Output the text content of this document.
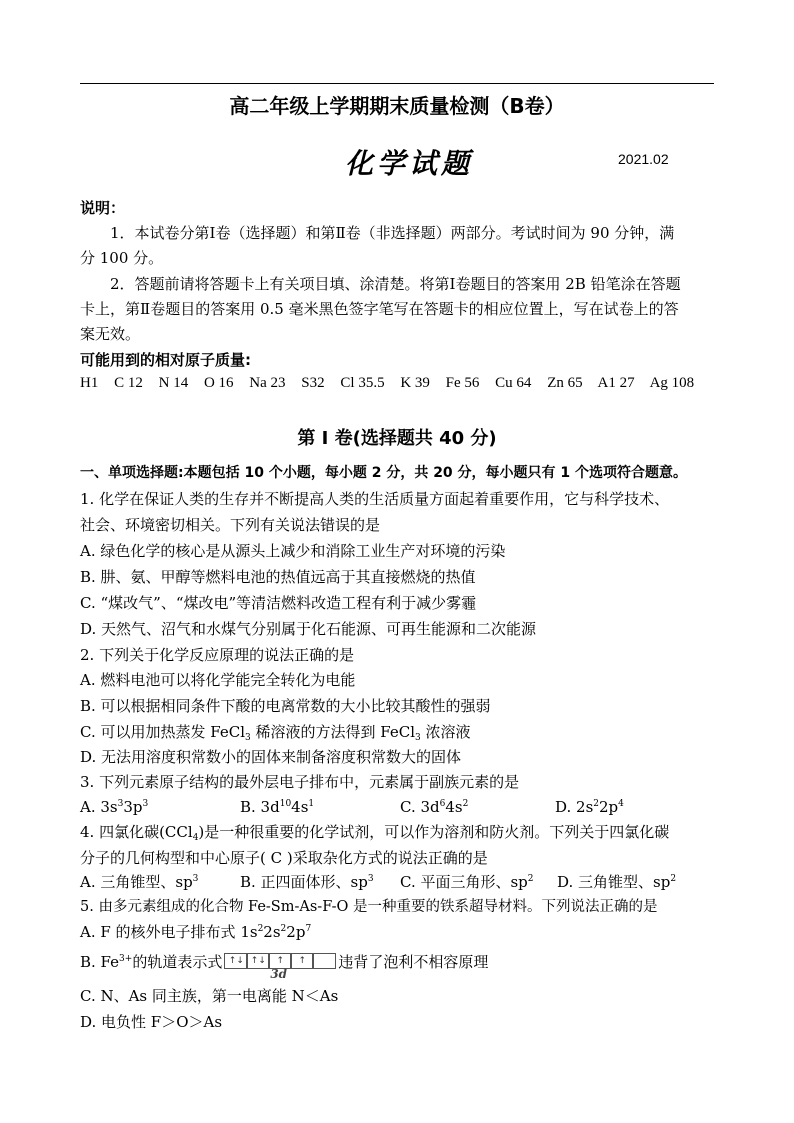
高二年级上学期期末质量检测（B卷）
化学试题	2021.02
说明：
1．本试卷分第Ⅰ卷（选择题）和第Ⅱ卷（非选择题）两部分。考试时间为 90 分钟，满
分 100 分。
2．答题前请将答题卡上有关项目填、涂清楚。将第Ⅰ卷题目的答案用 2B 铅笔涂在答题
卡上，第Ⅱ卷题目的答案用 0.5 毫米黑色签字笔写在答题卡的相应位置上，写在试卷上的答
案无效。
可能用到的相对原子质量:
H1 C 12 N 14 O 16 Na 23 S32 Cl 35.5 K 39 Fe 56 Cu 64 Zn 65 A1 27 Ag 108
第 I 卷(选择题共 40 分)
一、单项选择题:本题包括 10 个小题，每小题 2 分，共 20 分，每小题只有 1 个选项符合题意。
1. 化学在保证人类的生存并不断提高人类的生活质量方面起着重要作用，它与科学技术、
社会、环境密切相关。下列有关说法错误的是
A. 绿色化学的核心是从源头上减少和消除工业生产对环境的污染
B. 肼、氨、甲醇等燃料电池的热值远高于其直接燃烧的热值
C. “煤改气”、“煤改电”等清洁燃料改造工程有利于减少雾霾
D. 天然气、沼气和水煤气分别属于化石能源、可再生能源和二次能源
2. 下列关于化学反应原理的说法正确的是
A. 燃料电池可以将化学能完全转化为电能
B. 可以根据相同条件下酸的电离常数的大小比较其酸性的强弱
C. 可以用加热蒸发 FeCl$_3$ 稀溶液的方法得到 FeCl$_3$ 浓溶液
D. 无法用溶度积常数小的固体来制备溶度积常数大的固体
3. 下列元素原子结构的最外层电子排布中，元素属于副族元素的是
A. $3s^33p^3$	B. $3d^{10}4s^1$	C. $3d^64s^2$	D. $2s^22p^4$
4. 四氯化碳(CCl$_4$)是一种很重要的化学试剂，可以作为溶剂和防火剂。下列关于四氯化碳
分子的几何构型和中心原子( C )采取杂化方式的说法正确的是
A. 三角锥型、$sp^3$	B. 正四面体形、$sp^3$ C. 平面三角形、$sp^2$ D. 三角锥型、$sp^2$
5. 由多元素组成的化合物 Fe-Sm-As-F-O 是一种重要的铁系超导材料。下列说法正确的是
A. F 的核外电子排布式 $1s^22s^22p^7$
B. $Fe^{3+}$的轨道表示式 ↑↓ ↑↓	↑	↑
3d
违背了泡利不相容原理
C. N、As 同主族，第一电离能 N＜As
D. 电负性 F＞O＞As
